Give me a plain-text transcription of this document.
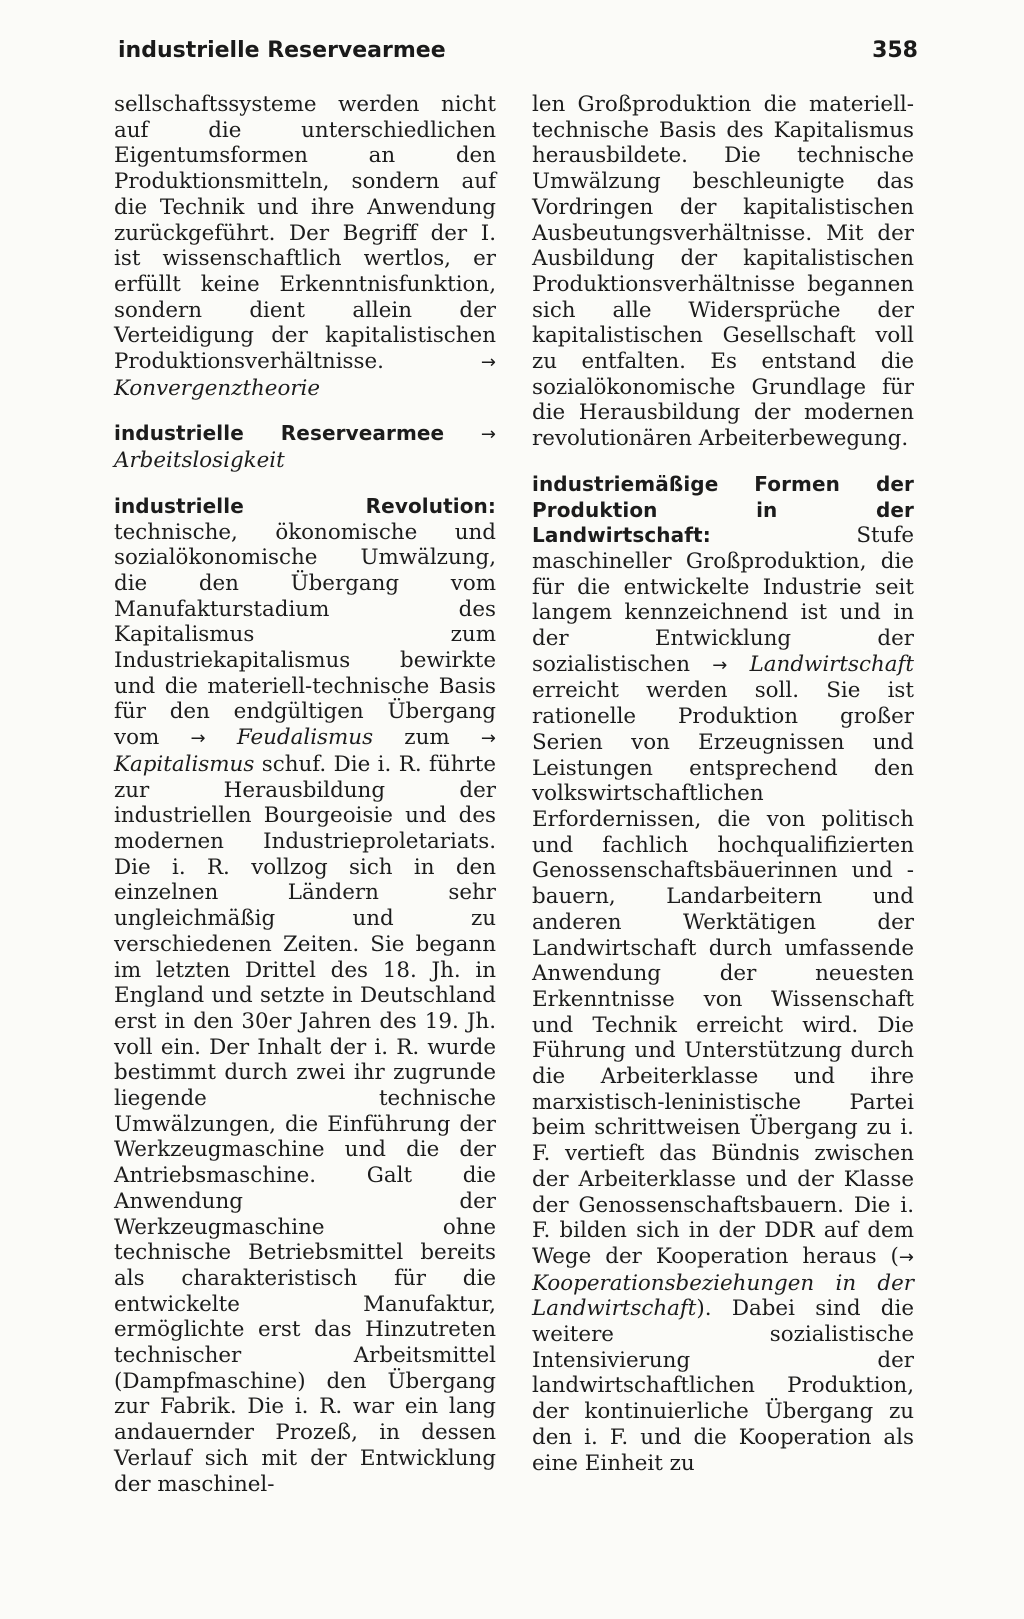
industrielle Reservearmee	358

sellschaftssysteme werden nicht auf die unterschiedlichen Eigentumsformen an den Produktionsmitteln, sondern auf die Technik und ihre Anwendung zurückgeführt. Der Begriff der I. ist wissenschaftlich wertlos, er erfüllt keine Erkenntnisfunktion, sondern dient allein der Verteidigung der kapitalistischen Produktionsverhältnisse.	→ Konvergenztheorie

industrielle Reservearmee → Arbeitslosigkeit

industrielle Revolution: technische, ökonomische und sozialökonomische Umwälzung, die den Übergang vom Manufakturstadium des Kapitalismus zum Industriekapitalismus bewirkte und die materiell-technische Basis für den endgültigen Übergang vom → Feudalismus zum → Kapitalismus schuf. Die i. R. führte zur Herausbildung der industriellen Bourgeoisie und des modernen Industrieproletariats. Die i. R. vollzog sich in den einzelnen Ländern sehr ungleichmäßig und zu verschiedenen Zeiten. Sie begann im letzten Drittel des 18. Jh. in England und setzte in Deutschland erst in den 30er Jahren des 19. Jh. voll ein. Der Inhalt der i. R. wurde bestimmt durch zwei ihr zugrunde liegende technische Umwälzungen, die Einführung der Werkzeugmaschine und die der Antriebsmaschine. Galt die Anwendung der Werkzeugmaschine ohne technische Betriebsmittel bereits als charakteristisch für die entwickelte Manufaktur, ermöglichte erst das Hinzutreten technischer Arbeitsmittel (Dampfmaschine) den Übergang zur Fabrik. Die i. R. war ein lang andauernder Prozeß, in dessen Verlauf sich mit der Entwicklung der maschinel-

len Großproduktion die materiell-technische Basis des Kapitalismus herausbildete. Die technische Umwälzung beschleunigte das Vordringen der kapitalistischen Ausbeutungsverhältnisse. Mit der Ausbildung der kapitalistischen Produktionsverhältnisse begannen sich alle Widersprüche der kapitalistischen Gesellschaft voll zu entfalten. Es entstand die sozialökonomische Grundlage für die Herausbildung der modernen revolutionären Arbeiterbewegung.

industriemäßige Formen der Produktion in der Landwirtschaft:	Stufe maschineller Großproduktion, die für die entwickelte Industrie seit langem kennzeichnend ist und in der Entwicklung der sozialistischen → Landwirtschaft erreicht werden soll. Sie ist rationelle Produktion großer Serien von Erzeugnissen und Leistungen entsprechend den volkswirtschaftlichen Erfordernissen, die von politisch und fachlich hochqualifizierten Genossenschaftsbäuerinnen und -bauern, Landarbeitern und anderen Werktätigen der Landwirtschaft durch umfassende Anwendung der neuesten Erkenntnisse von Wissenschaft und Technik erreicht wird. Die Führung und Unterstützung durch die Arbeiterklasse und ihre marxistisch-leninistische Partei beim schrittweisen Übergang zu i. F. vertieft das Bündnis zwischen der Arbeiterklasse und der Klasse der Genossenschaftsbauern. Die i. F. bilden sich in der DDR auf dem Wege der Kooperation heraus (→ Kooperationsbeziehungen in der Landwirtschaft). Dabei sind die weitere sozialistische Intensivierung der landwirtschaftlichen Produktion, der kontinuierliche Übergang zu den i. F. und die Kooperation als eine Einheit zu
